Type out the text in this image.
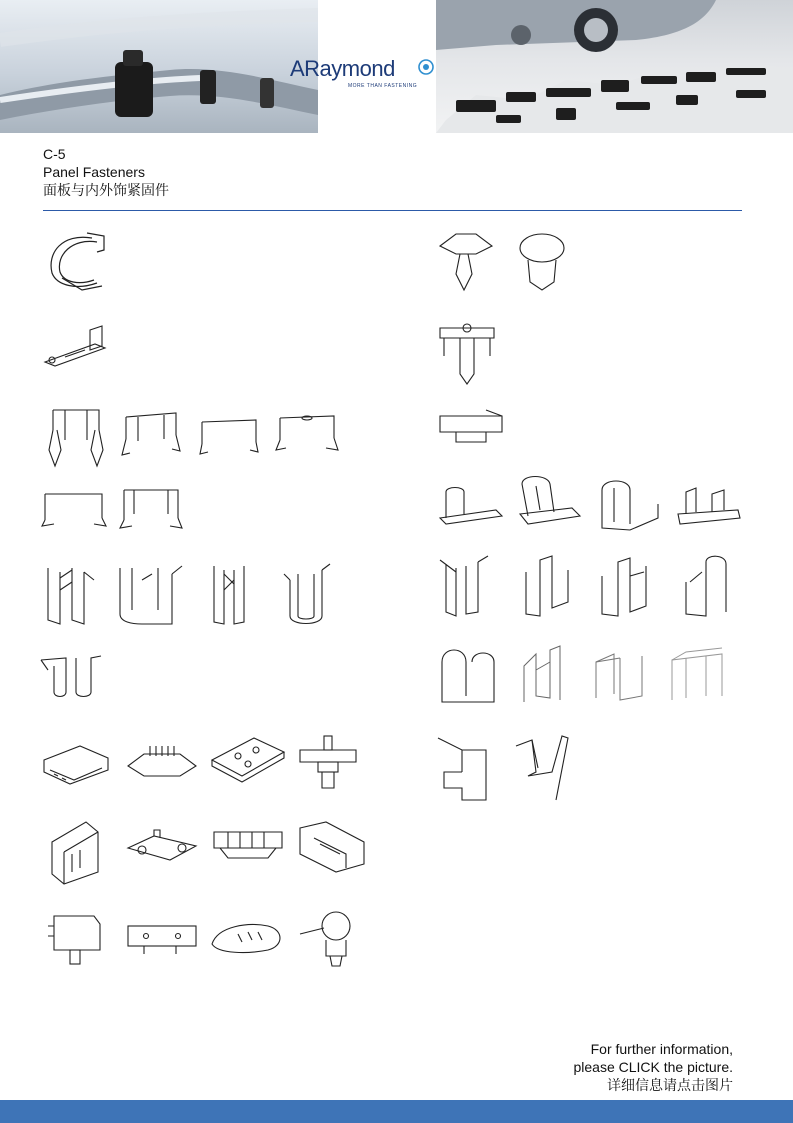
ARaymond
MORE THAN FASTENING
C-5
Panel Fasteners
面板与内外饰紧固件
For further information,
please CLICK the picture.
详细信息请点击图片
